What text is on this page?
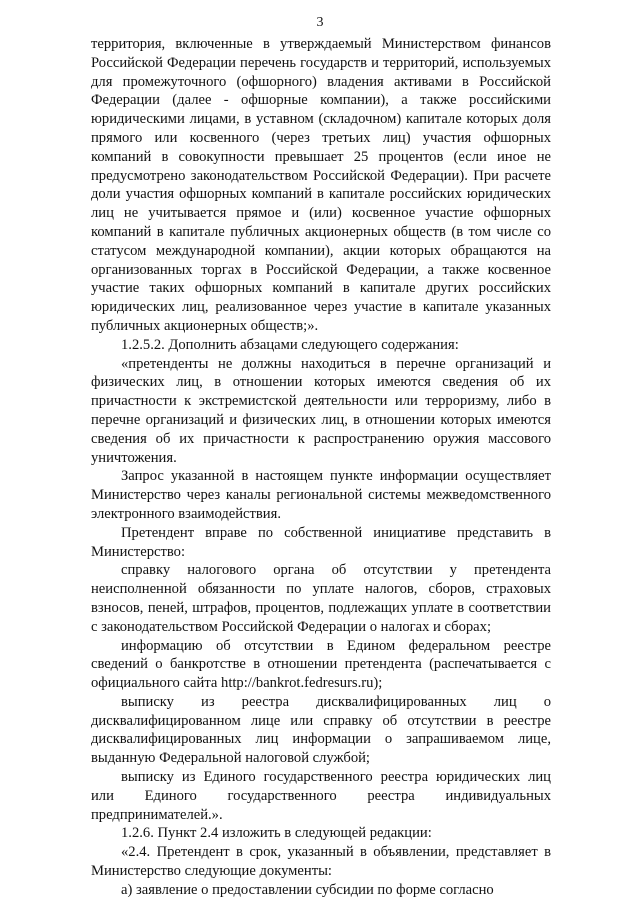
3

территория, включенные в утверждаемый Министерством финансов Российской Федерации перечень государств и территорий, используемых для промежуточного (офшорного) владения активами в Российской Федерации (далее - офшорные компании), а также российскими юридическими лицами, в уставном (складочном) капитале которых доля прямого или косвенного (через третьих лиц) участия офшорных компаний в совокупности превышает 25 процентов (если иное не предусмотрено законодательством Российской Федерации). При расчете доли участия офшорных компаний в капитале российских юридических лиц не учитывается прямое и (или) косвенное участие офшорных компаний в капитале публичных акционерных обществ (в том числе со статусом международной компании), акции которых обращаются на организованных торгах в Российской Федерации, а также косвенное участие таких офшорных компаний в капитале других российских юридических лиц, реализованное через участие в капитале указанных публичных акционерных обществ;».

1.2.5.2. Дополнить абзацами следующего содержания:

«претенденты не должны находиться в перечне организаций и физических лиц, в отношении которых имеются сведения об их причастности к экстремистской деятельности или терроризму, либо в перечне организаций и физических лиц, в отношении которых имеются сведения об их причастности к распространению оружия массового уничтожения.

Запрос указанной в настоящем пункте информации осуществляет Министерство через каналы региональной системы межведомственного электронного взаимодействия.

Претендент вправе по собственной инициативе представить в Министерство:

справку налогового органа об отсутствии у претендента неисполненной обязанности по уплате налогов, сборов, страховых взносов, пеней, штрафов, процентов, подлежащих уплате в соответствии с законодательством Российской Федерации о налогах и сборах;

информацию об отсутствии в Едином федеральном реестре сведений о банкротстве в отношении претендента (распечатывается с официального сайта http://bankrot.fedresurs.ru);

выписку из реестра дисквалифицированных лиц о дисквалифицированном лице или справку об отсутствии в реестре дисквалифицированных лиц информации о запрашиваемом лице, выданную Федеральной налоговой службой;

выписку из Единого государственного реестра юридических лиц или Единого государственного реестра индивидуальных предпринимателей.».

1.2.6. Пункт 2.4 изложить в следующей редакции:

«2.4. Претендент в срок, указанный в объявлении, представляет в Министерство следующие документы:

а) заявление о предоставлении субсидии по форме согласно
